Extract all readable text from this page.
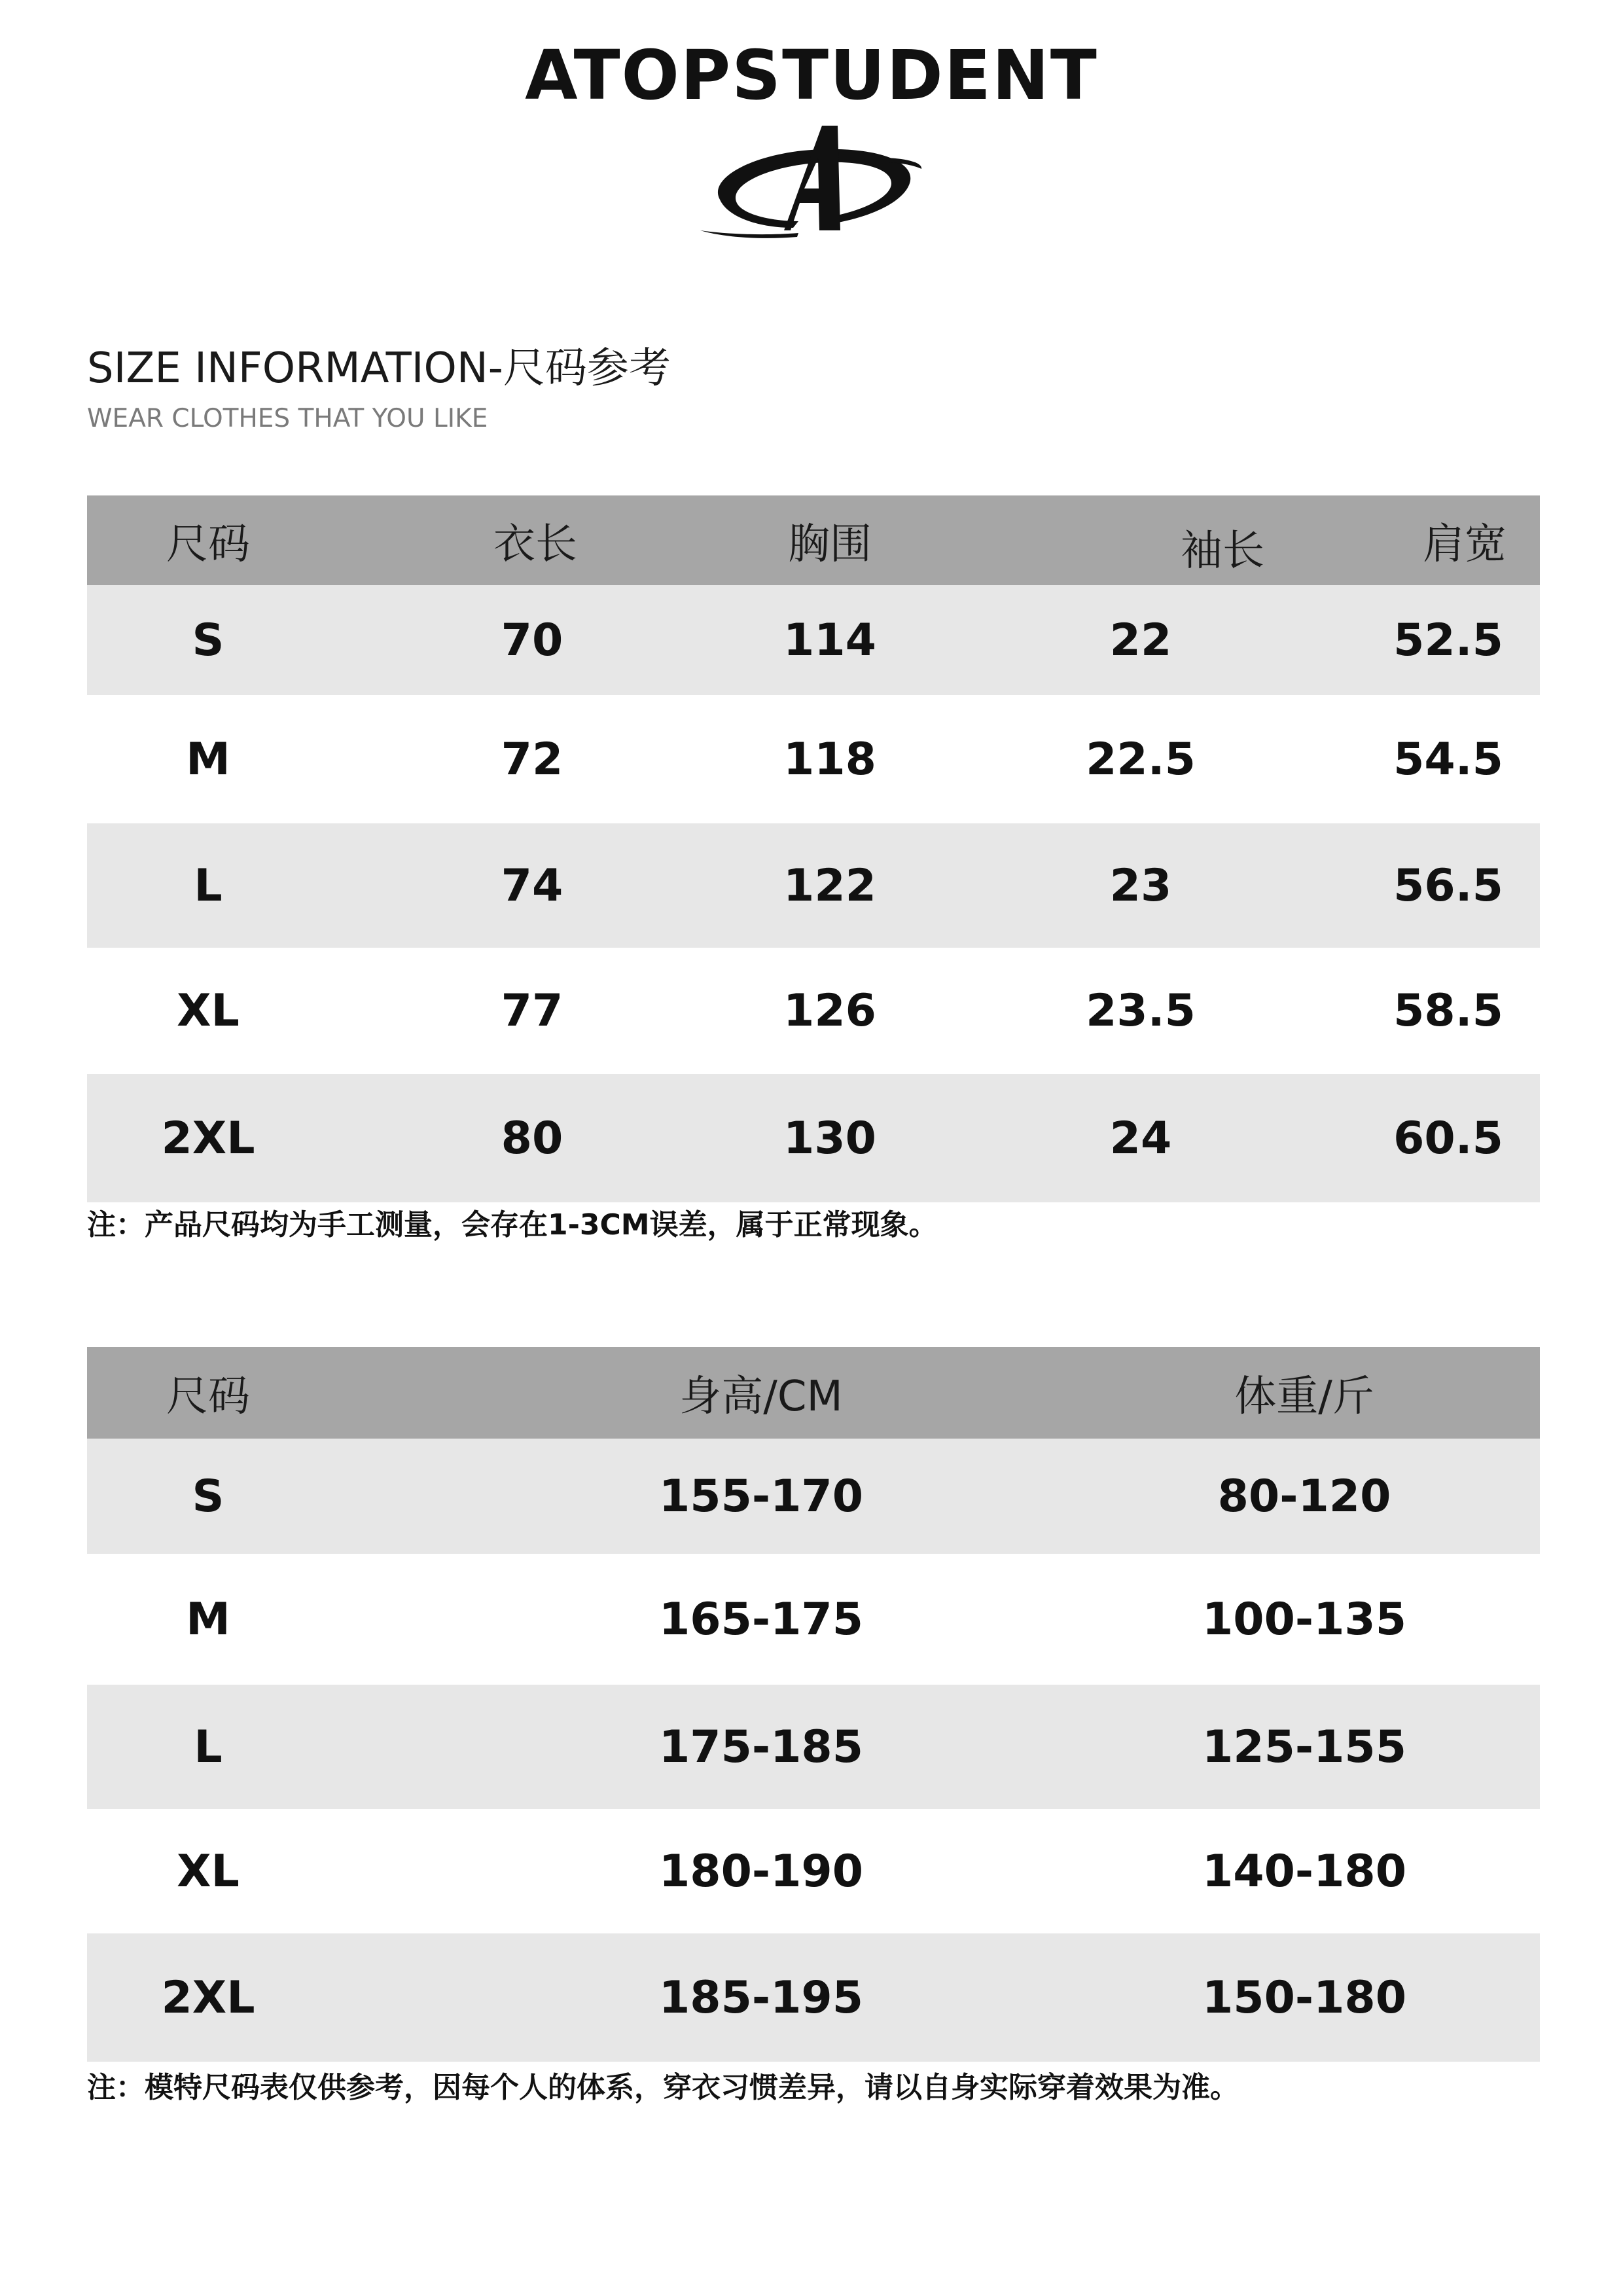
ATOPSTUDENT
SIZE INFORMATION-尺码参考
WEAR CLOTHES THAT YOU LIKE
尺码	衣长	胸围	袖长	肩宽
S	70	114	22	52.5
M	72	118	22.5	54.5
L	74	122	23	56.5
XL	77	126	23.5	58.5
2XL	80	130	24	60.5
注：产品尺码均为手工测量，会存在1-3CM误差，属于正常现象。
尺码	身高/CM	体重/斤
S	155-170	80-120
M	165-175	100-135
L	175-185	125-155
XL	180-190	140-180
2XL	185-195	150-180
注：模特尺码表仅供参考，因每个人的体系，穿衣习惯差异，请以自身实际穿着效果为准。
